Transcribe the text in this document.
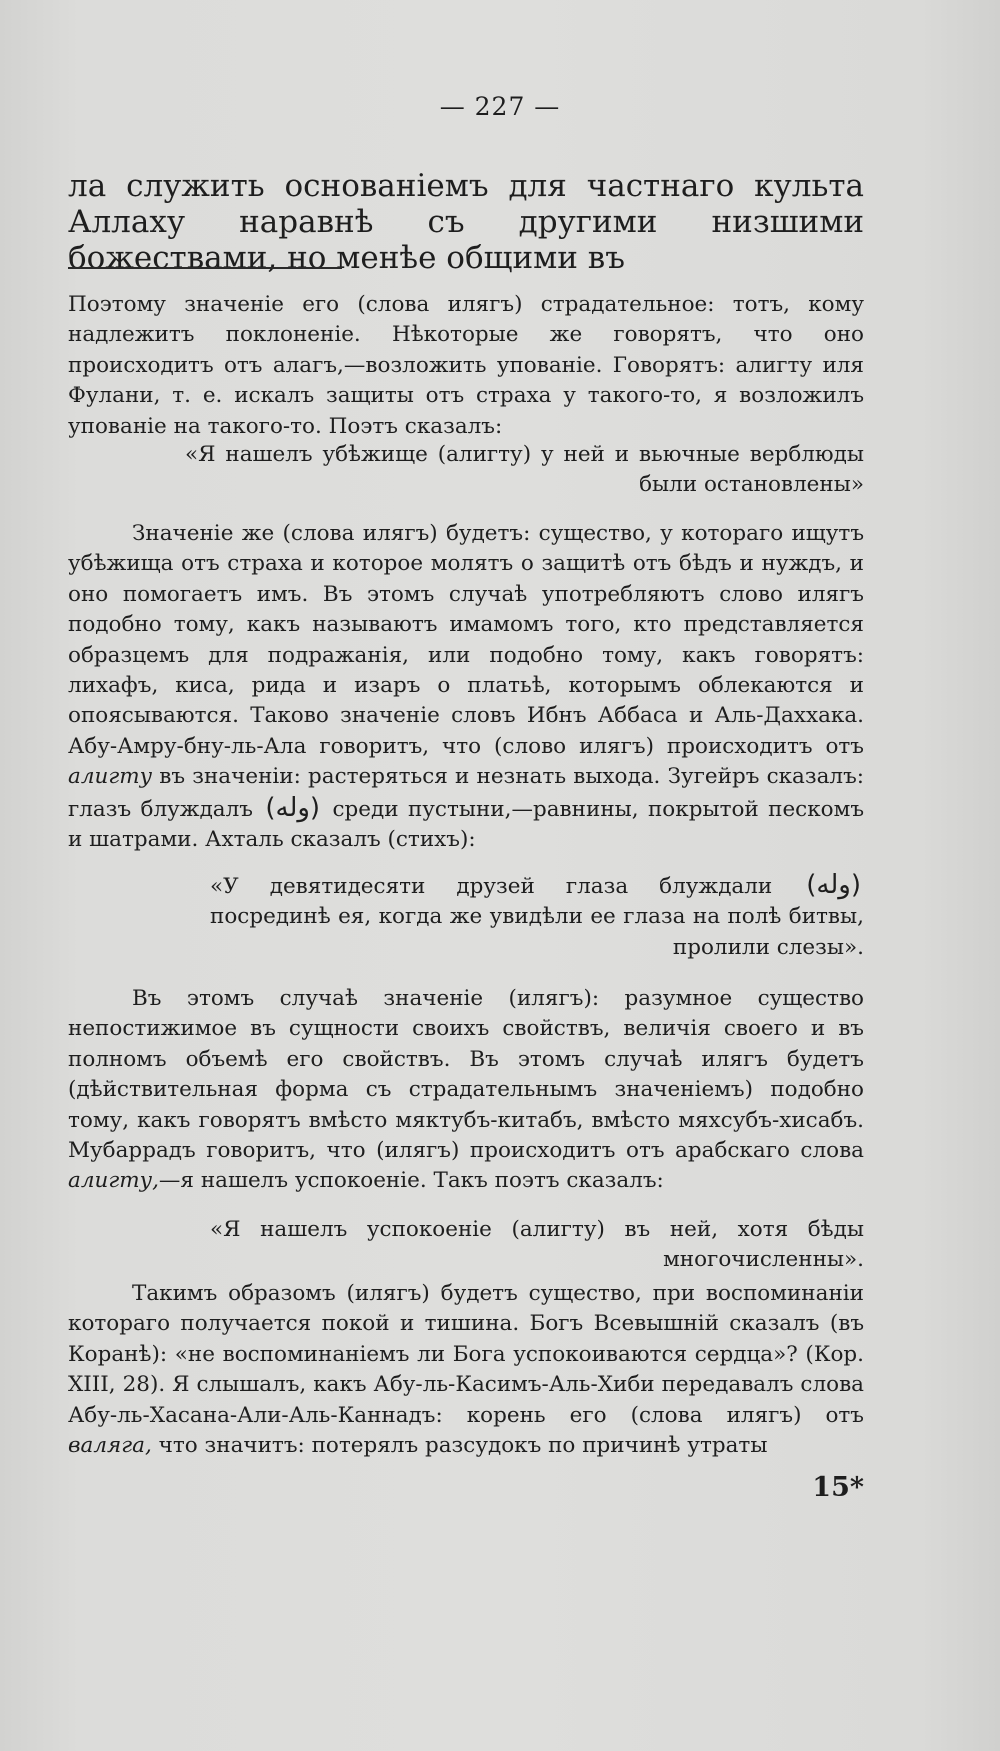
— 227 —
ла служить основаніемъ для частнаго культа Аллаху наравнѣ съ другими низшими божествами, но менѣе общими въ
Поэтому значеніе его (слова илягъ) страдательное: тотъ, кому надлежитъ поклоненіе. Нѣкоторые же говорятъ, что оно происходитъ отъ алагъ,—возложить упованіе. Говорятъ: алигту иля Фулани, т. е. искалъ защиты отъ страха у такого-то, я возложилъ упованіе на такого-то. Поэтъ сказалъ:
«Я нашелъ убѣжище (алигту) у ней и вьючные верблюды были остановлены»
Значеніе же (слова илягъ) будетъ: существо, у котораго ищутъ убѣжища отъ страха и которое молятъ о защитѣ отъ бѣдъ и нуждъ, и оно помогаетъ имъ. Въ этомъ случаѣ употребляютъ слово илягъ подобно тому, какъ называютъ имамомъ того, кто представляется образцемъ для подражанія, или подобно тому, какъ говорятъ: лихафъ, киса, рида и изаръ о платьѣ, которымъ облекаются и опоясываются. Таково значеніе словъ Ибнъ Аббаса и Аль-Даххака. Абу-Амру-бну-ль-Ала говоритъ, что (слово илягъ) происходитъ отъ алигту въ значеніи: растеряться и незнать выхода. Зугейръ сказалъ: глазъ блуждалъ (ﻭﻟﻪ) среди пустыни,—равнины, покрытой пескомъ и шатрами. Ахталь сказалъ (стихъ):
«У девятидесяти друзей глаза блуждали (ﻭﻟﻪ) посрединѣ ея, когда же увидѣли ее глаза на полѣ битвы, пролили слезы».
Въ этомъ случаѣ значеніе (илягъ): разумное существо непостижимое въ сущности своихъ свойствъ, величія своего и въ полномъ объемѣ его свойствъ. Въ этомъ случаѣ илягъ будетъ (дѣйствительная форма съ страдательнымъ значеніемъ) подобно тому, какъ говорятъ вмѣсто мяктубъ-китабъ, вмѣсто мяхсубъ-хисабъ. Мубаррадъ говоритъ, что (илягъ) происходитъ отъ арабскаго слова алигту,—я нашелъ успокоеніе. Такъ поэтъ сказалъ:
«Я нашелъ успокоеніе (алигту) въ ней, хотя бѣды многочисленны».
Такимъ образомъ (илягъ) будетъ существо, при воспоминаніи котораго получается покой и тишина. Богъ Всевышній сказалъ (въ Коранѣ): «не воспоминаніемъ ли Бога успокоиваются сердца»? (Кор. XIII, 28). Я слышалъ, какъ Абу-ль-Касимъ-Аль-Хиби передавалъ слова Абу-ль-Хасана-Али-Аль-Каннадъ: корень его (слова илягъ) отъ валяга, что значитъ: потерялъ разсудокъ по причинѣ утраты
15*
